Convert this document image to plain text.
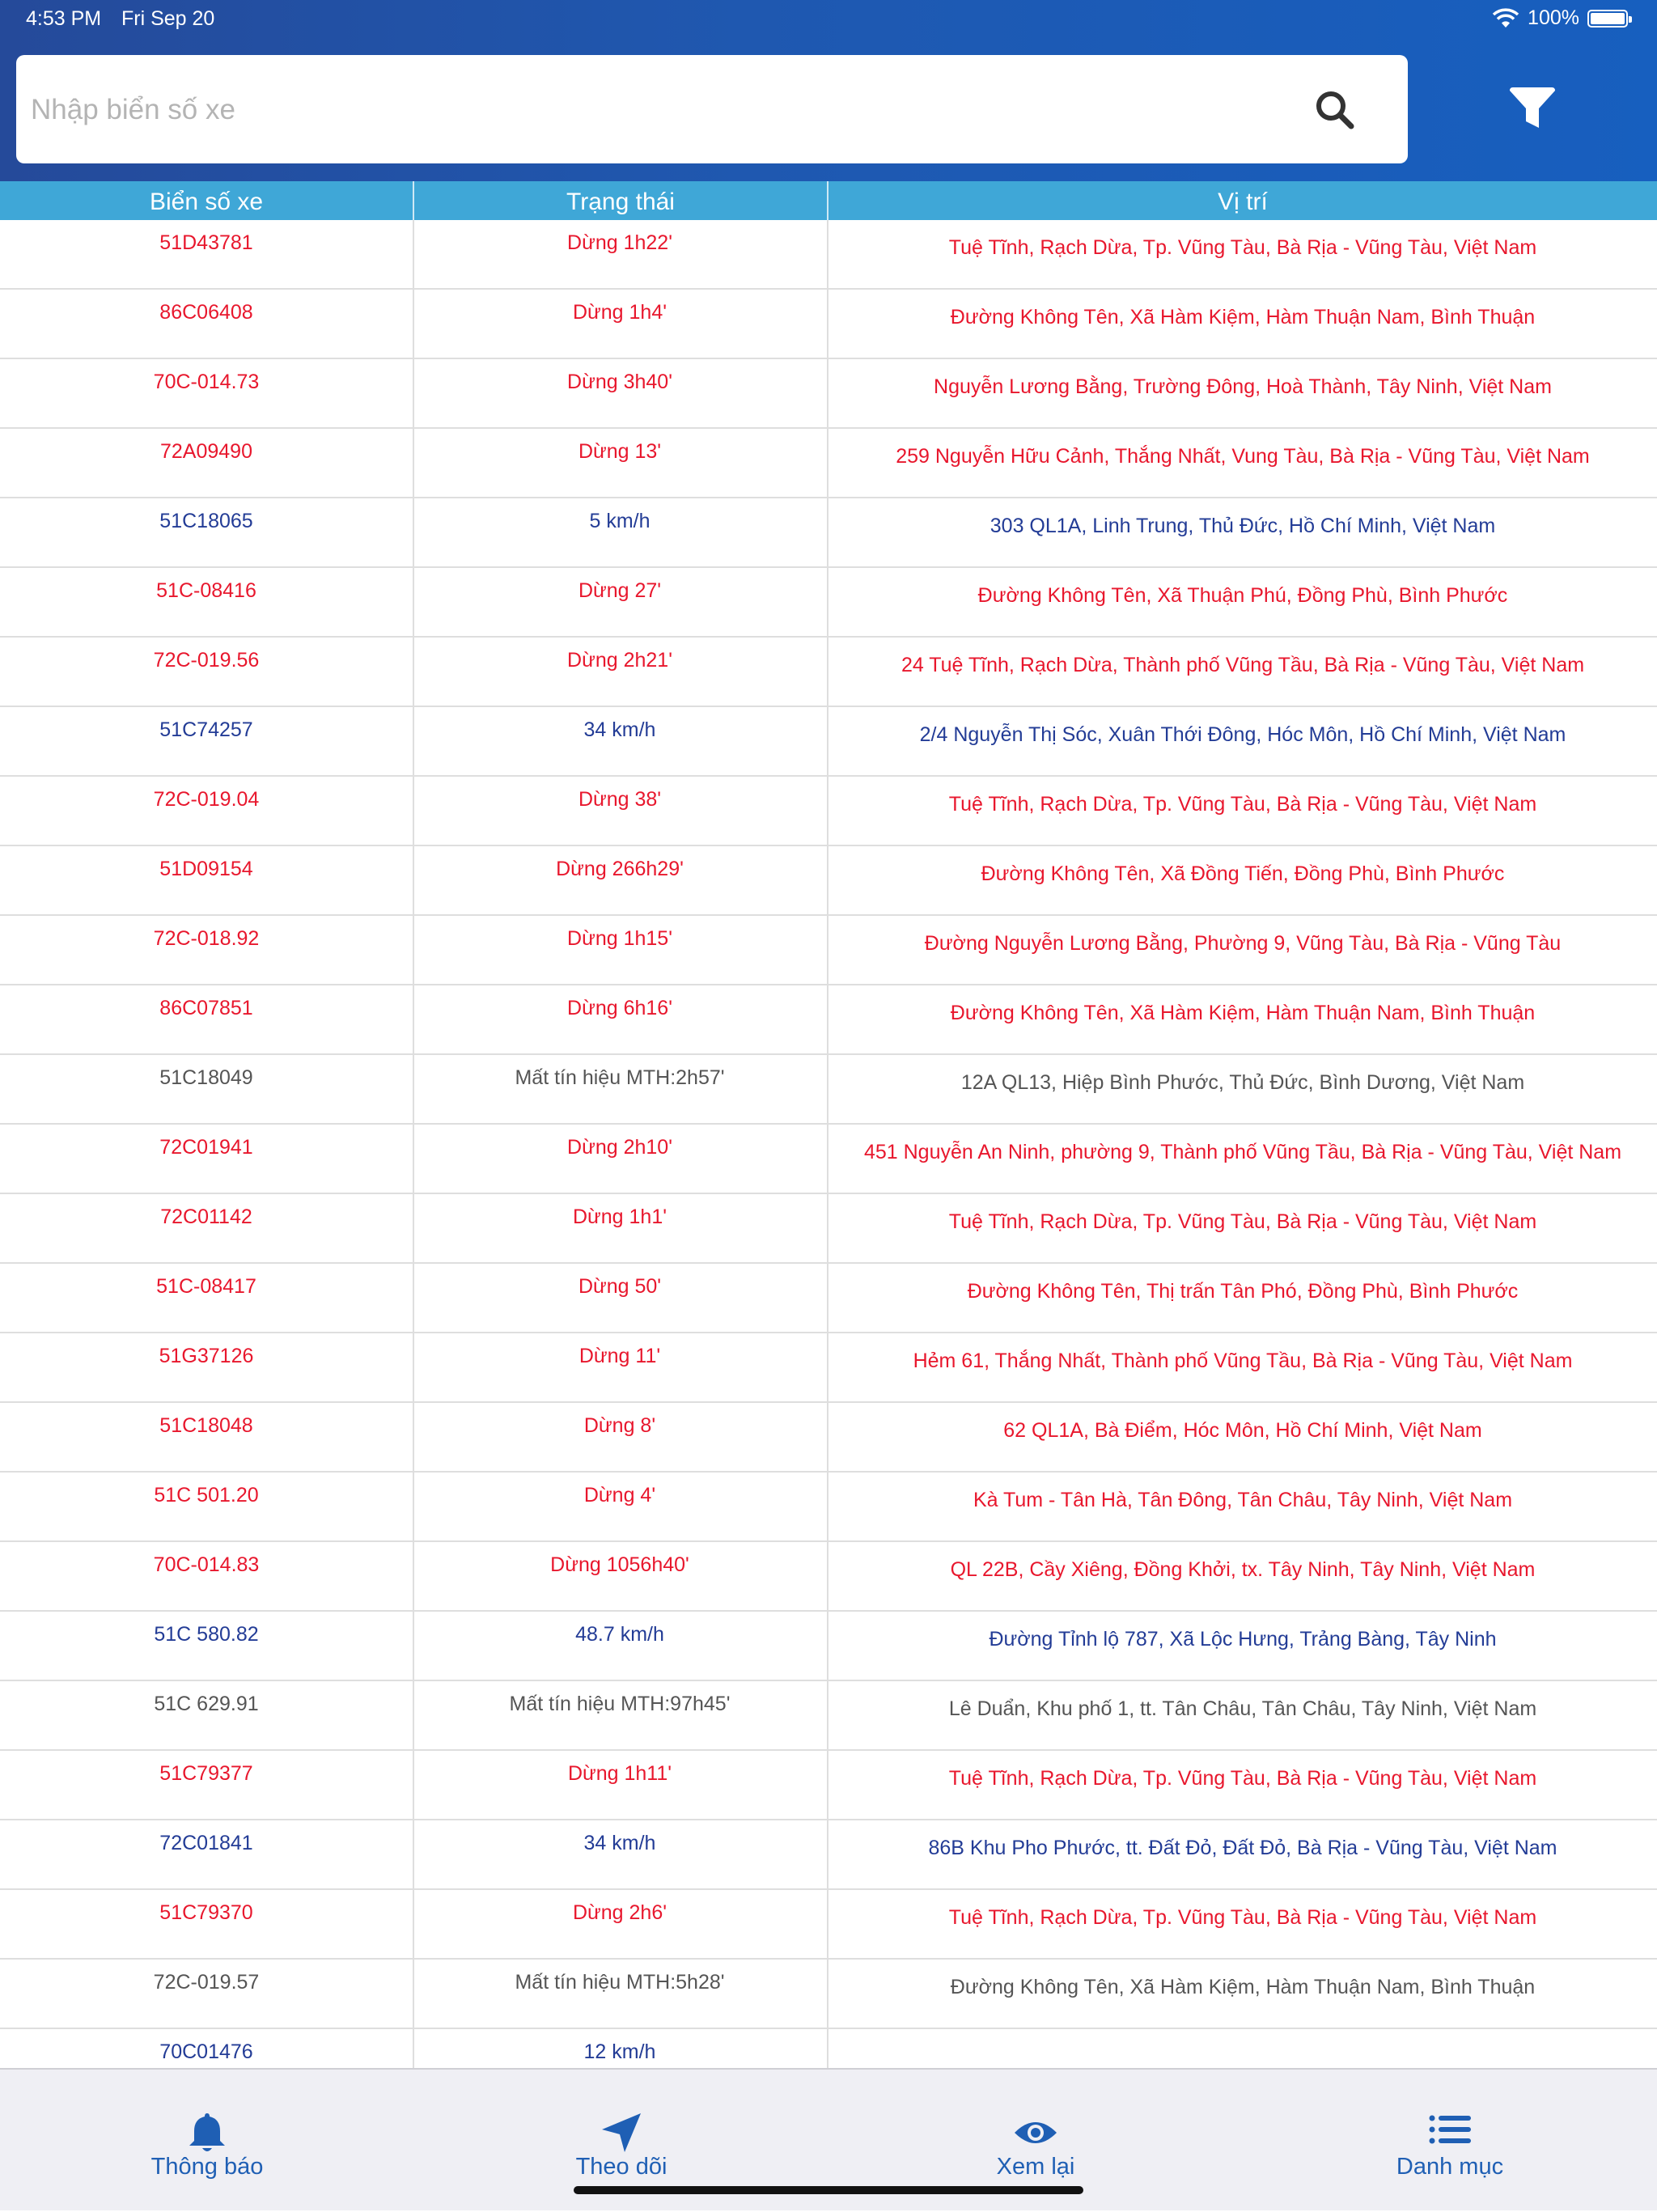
4:53 PM Fri Sep 20	100%
Nhập biển số xe
Biển số xe	Trạng thái	Vị trí
51D43781	Dừng 1h22'	Tuệ Tĩnh, Rạch Dừa, Tp. Vũng Tàu, Bà Rịa - Vũng Tàu, Việt Nam
86C06408	Dừng 1h4'	Đường Không Tên, Xã Hàm Kiệm, Hàm Thuận Nam, Bình Thuận
70C-014.73	Dừng 3h40'	Nguyễn Lương Bằng, Trường Đông, Hoà Thành, Tây Ninh, Việt Nam
72A09490	Dừng 13'	259 Nguyễn Hữu Cảnh, Thắng Nhất, Vung Tàu, Bà Rịa - Vũng Tàu, Việt Nam
51C18065	5 km/h	303 QL1A, Linh Trung, Thủ Đức, Hồ Chí Minh, Việt Nam
51C-08416	Dừng 27'	Đường Không Tên, Xã Thuận Phú, Đồng Phù, Bình Phước
72C-019.56	Dừng 2h21'	24 Tuệ Tĩnh, Rạch Dừa, Thành phố Vũng Tầu, Bà Rịa - Vũng Tàu, Việt Nam
51C74257	34 km/h	2/4 Nguyễn Thị Sóc, Xuân Thới Đông, Hóc Môn, Hồ Chí Minh, Việt Nam
72C-019.04	Dừng 38'	Tuệ Tĩnh, Rạch Dừa, Tp. Vũng Tàu, Bà Rịa - Vũng Tàu, Việt Nam
51D09154	Dừng 266h29'	Đường Không Tên, Xã Đồng Tiến, Đồng Phù, Bình Phước
72C-018.92	Dừng 1h15'	Đường Nguyễn Lương Bằng, Phường 9, Vũng Tàu, Bà Rịa - Vũng Tàu
86C07851	Dừng 6h16'	Đường Không Tên, Xã Hàm Kiệm, Hàm Thuận Nam, Bình Thuận
51C18049	Mất tín hiệu MTH:2h57'	12A QL13, Hiệp Bình Phước, Thủ Đức, Bình Dương, Việt Nam
72C01941	Dừng 2h10'	451 Nguyễn An Ninh, phường 9, Thành phố Vũng Tầu, Bà Rịa - Vũng Tàu, Việt Nam
72C01142	Dừng 1h1'	Tuệ Tĩnh, Rạch Dừa, Tp. Vũng Tàu, Bà Rịa - Vũng Tàu, Việt Nam
51C-08417	Dừng 50'	Đường Không Tên, Thị trấn Tân Phó, Đồng Phù, Bình Phước
51G37126	Dừng 11'	Hẻm 61, Thắng Nhất, Thành phố Vũng Tầu, Bà Rịa - Vũng Tàu, Việt Nam
51C18048	Dừng 8'	62 QL1A, Bà Điểm, Hóc Môn, Hồ Chí Minh, Việt Nam
51C 501.20	Dừng 4'	Kà Tum - Tân Hà, Tân Đông, Tân Châu, Tây Ninh, Việt Nam
70C-014.83	Dừng 1056h40'	QL 22B, Cầy Xiêng, Đồng Khởi, tx. Tây Ninh, Tây Ninh, Việt Nam
51C 580.82	48.7 km/h	Đường Tỉnh lộ 787, Xã Lộc Hưng, Trảng Bàng, Tây Ninh
51C 629.91	Mất tín hiệu MTH:97h45'	Lê Duẩn, Khu phố 1, tt. Tân Châu, Tân Châu, Tây Ninh, Việt Nam
51C79377	Dừng 1h11'	Tuệ Tĩnh, Rạch Dừa, Tp. Vũng Tàu, Bà Rịa - Vũng Tàu, Việt Nam
72C01841	34 km/h	86B Khu Pho Phước, tt. Đất Đỏ, Đất Đỏ, Bà Rịa - Vũng Tàu, Việt Nam
51C79370	Dừng 2h6'	Tuệ Tĩnh, Rạch Dừa, Tp. Vũng Tàu, Bà Rịa - Vũng Tàu, Việt Nam
72C-019.57	Mất tín hiệu MTH:5h28'	Đường Không Tên, Xã Hàm Kiệm, Hàm Thuận Nam, Bình Thuận
70C01476	12 km/h
Thông báo	Theo dõi	Xem lại	Danh mục
